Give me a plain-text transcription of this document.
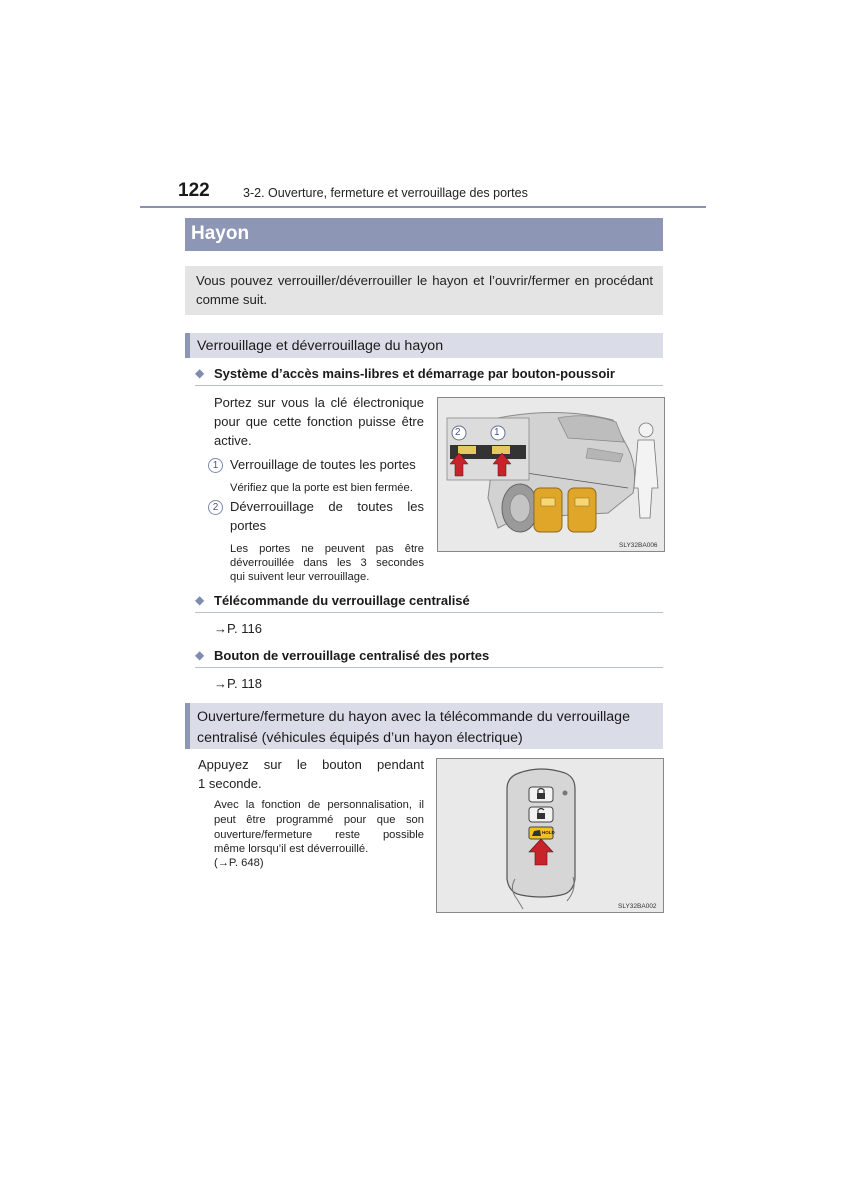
122	3-2. Ouverture, fermeture et verrouillage des portes
Hayon
Vous pouvez verrouiller/déverrouiller le hayon et l’ouvrir/fermer en procédant comme suit.
Verrouillage et déverrouillage du hayon
◆ Système d’accès mains-libres et démarrage par bouton-poussoir
Portez sur vous la clé électronique
pour que cette fonction puisse être
active.
1 Verrouillage de toutes les portes
Vérifiez que la porte est bien fermée.
2 Déverrouillage de toutes les
portes
Les portes ne peuvent pas être
déverrouillée dans les 3 secondes
qui suivent leur verrouillage.
2	1
SLY32BA006
◆ Télécommande du verrouillage centralisé
→P. 116
◆ Bouton de verrouillage centralisé des portes
→P. 118
Ouverture/fermeture du hayon avec la télécommande du verrouillage
centralisé (véhicules équipés d’un hayon électrique)
Appuyez sur le bouton pendant
1 seconde.
Avec la fonction de personnalisation, il
peut être programmé pour que son
ouverture/fermeture reste possible
même lorsqu’il est déverrouillé.
(→P. 648)
HOLD
SLY32BA002
